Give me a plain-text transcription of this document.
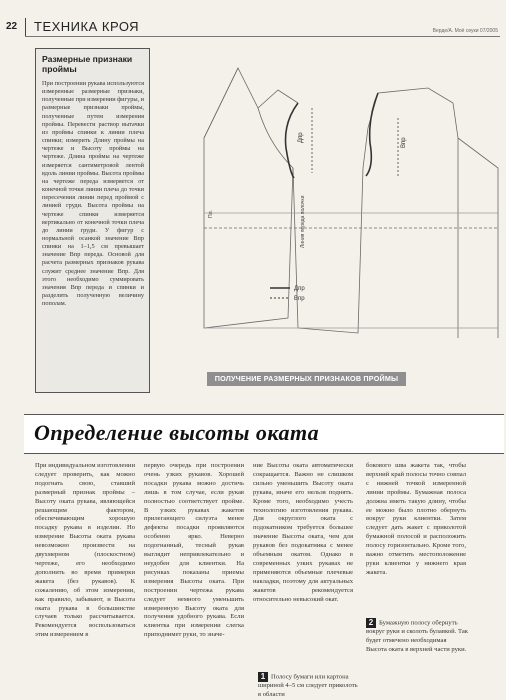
22 ТЕХНИКА КРОЯ	Верде/А. Моё сеуки 07/2005
Размерные признаки проймы
При построении рукава используются измеренные размерные признаки, полученные при измерении фигуры, и размерные признаки проймы, полученные путем измерения проймы. Перевести раствор вытачки из проймы спинки к линии плеча спинки; измерить Длину проймы на чертеже и Высоту проймы на чертеже. Длина проймы на чертеже измеряется сантиметровой лентой вдоль линии проймы. Высота проймы на чертеже переда измеряется от конечной точки линии плеча до точки пересечения линии перед проймой с линией груди. Высота проймы на чертеже спинки измеряется вертикально от конечной точки плеча до линии груди. У фигур с нормальной осанкой значение Впр спинки на 1–1,5 см превышает значение Впр переда. Основой для расчета размерных признаков рукава служит среднее значение Впр. Для этого необходимо суммировать значения Впр переда и спинки и разделить полученную величину пополам.
Дпр	Впр
Линия переда полочки
Пл.
Дпр
Впр
ПОЛУЧЕНИЕ РАЗМЕРНЫХ ПРИЗНАКОВ ПРОЙМЫ
Определение высоты оката
При индивидуальном изготовлении следует проверить, как можно подогнать свою, ставший размерный признак проймы – Высоту оката рукава, являющейся решающим фактором, обеспечивающим хорошую посадку рукава в изделии. Но измерение Высоты оката рукава невозможно произвести на двухмерном (плоскостном) чертеже, его необходимо дополнить во время примерки жакета (без рукавов). К сожалению, об этом измерении, как правило, забывают, и Высота оката рукава в большинстве случаев только рассчитывается. Рекомендуется воспользоваться этим измерением в
первую очередь при построении очень узких рукавов. Хорошей посадки рукава можно достичь лишь в том случае, если рукав полностью соответствует пройме. В узких рукавах жакетов прилегающего силуэта менее дефекты посадки проявляются особенно ярко. Неверно подогнанный, тесный рукав выглядит непривлекательно и неудобен для клиентки. На рисунках показаны приемы измерения Высоты оката. При построении чертежа рукава следует немного уменьшить измеренную Высоту оката для получения удобного рукава. Если клиентка при измерении слегка приподнимет руки, то значе-
ние Высоты оката автоматически сокращается. Важно не слишком сильно уменьшить Высоту оката рукава, иначе его нельзя поднять. Кроме того, необходимо учесть технологию изготовления рукава. Для округлого оката с подокатником требуется большее значение Высоты оката, чем для рукавов без подокатника с менее объемным окатом. Однако в современных узких рукавах не применяются объемные плечевые накладки, поэтому для актуальных жакетов рекомендуется относительно невысокий окат.
1 Полосу бумаги или картона шириной 4–5 см следует приколоть в области
бокового шва жакета так, чтобы верхний край полосы точно совпал с нижней точкой измеренной линии проймы. Бумажная полоса должна иметь такую длину, чтобы ее можно было плотно обернуть вокруг руки клиентки. Затем следует дать жакет с приколотой бумажной полосой и расположить полосу горизонтально. Кроме того, важно отметить местоположение руки клиентки у нижнего края жакета.
2 Бумажную полосу обернуть вокруг руки и сколоть булавкой. Так будет отмечено необходимая Высота оката в верхней части руки.
